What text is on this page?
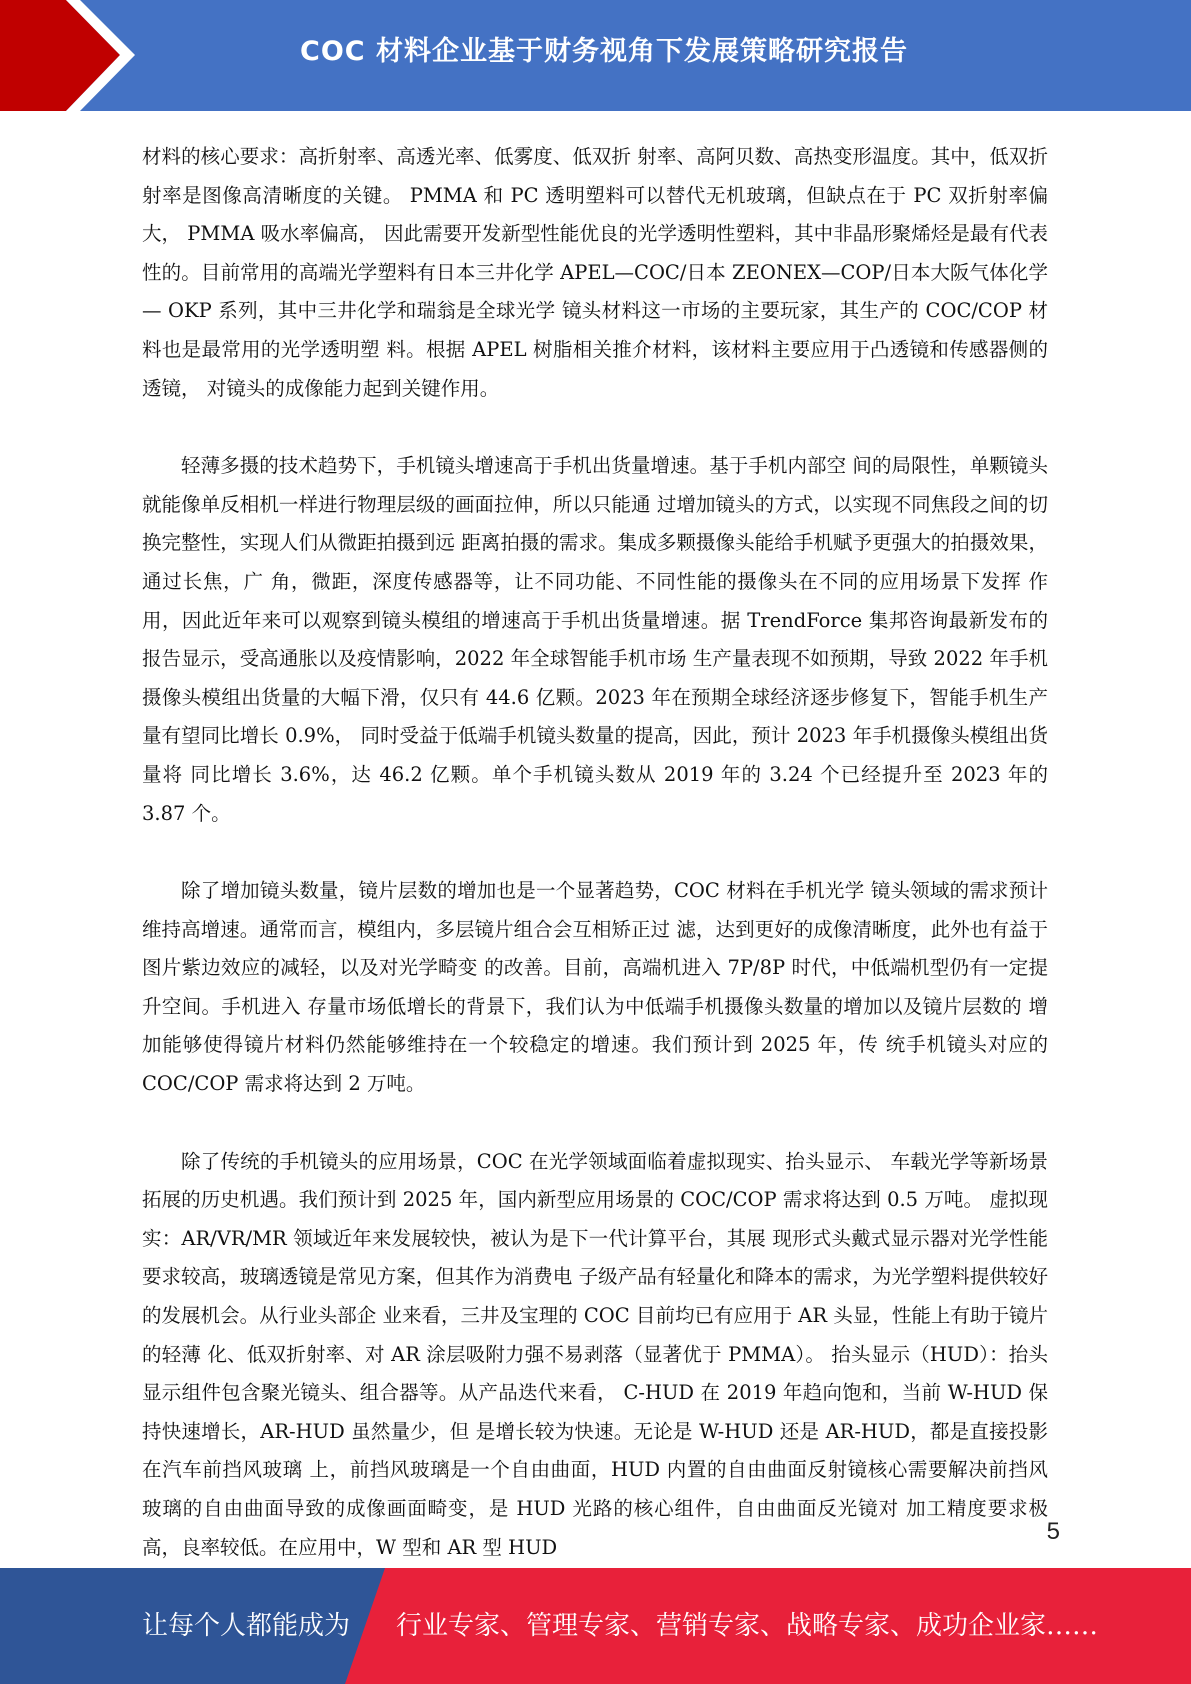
COC 材料企业基于财务视角下发展策略研究报告

材料的核心要求：高折射率、高透光率、低雾度、低双折 射率、高阿贝数、高热变形温度。其中，低双折射率是图像高清晰度的关键。 PMMA 和 PC 透明塑料可以替代无机玻璃，但缺点在于 PC 双折射率偏大， PMMA 吸水率偏高， 因此需要开发新型性能优良的光学透明性塑料，其中非晶形聚烯烃是最有代表性的。目前常用的高端光学塑料有日本三井化学 APEL—COC/日本 ZEONEX—COP/日本大阪气体化学— OKP 系列，其中三井化学和瑞翁是全球光学 镜头材料这一市场的主要玩家，其生产的 COC/COP 材料也是最常用的光学透明塑 料。根据 APEL 树脂相关推介材料，该材料主要应用于凸透镜和传感器侧的透镜， 对镜头的成像能力起到关键作用。

轻薄多摄的技术趋势下，手机镜头增速高于手机出货量增速。基于手机内部空 间的局限性，单颗镜头就能像单反相机一样进行物理层级的画面拉伸，所以只能通 过增加镜头的方式，以实现不同焦段之间的切换完整性，实现人们从微距拍摄到远 距离拍摄的需求。集成多颗摄像头能给手机赋予更强大的拍摄效果，通过长焦，广 角，微距，深度传感器等，让不同功能、不同性能的摄像头在不同的应用场景下发挥 作用，因此近年来可以观察到镜头模组的增速高于手机出货量增速。据 TrendForce 集邦咨询最新发布的报告显示，受高通胀以及疫情影响，2022 年全球智能手机市场 生产量表现不如预期，导致 2022 年手机摄像头模组出货量的大幅下滑，仅只有 44.6 亿颗。2023 年在预期全球经济逐步修复下，智能手机生产量有望同比增长 0.9%， 同时受益于低端手机镜头数量的提高，因此，预计 2023 年手机摄像头模组出货量将 同比增长 3.6%，达 46.2 亿颗。单个手机镜头数从 2019 年的 3.24 个已经提升至 2023 年的 3.87 个。

除了增加镜头数量，镜片层数的增加也是一个显著趋势，COC 材料在手机光学 镜头领域的需求预计维持高增速。通常而言，模组内，多层镜片组合会互相矫正过 滤，达到更好的成像清晰度，此外也有益于图片紫边效应的减轻，以及对光学畸变 的改善。目前，高端机进入 7P/8P 时代，中低端机型仍有一定提升空间。手机进入 存量市场低增长的背景下，我们认为中低端手机摄像头数量的增加以及镜片层数的 增加能够使得镜片材料仍然能够维持在一个较稳定的增速。我们预计到 2025 年，传 统手机镜头对应的 COC/COP 需求将达到 2 万吨。

除了传统的手机镜头的应用场景，COC 在光学领域面临着虚拟现实、抬头显示、 车载光学等新场景拓展的历史机遇。我们预计到 2025 年，国内新型应用场景的 COC/COP 需求将达到 0.5 万吨。 虚拟现实：AR/VR/MR 领域近年来发展较快，被认为是下一代计算平台，其展 现形式头戴式显示器对光学性能要求较高，玻璃透镜是常见方案，但其作为消费电 子级产品有轻量化和降本的需求，为光学塑料提供较好的发展机会。从行业头部企 业来看，三井及宝理的 COC 目前均已有应用于 AR 头显，性能上有助于镜片的轻薄 化、低双折射率、对 AR 涂层吸附力强不易剥落（显著优于 PMMA）。 抬头显示（HUD）：抬头显示组件包含聚光镜头、组合器等。从产品迭代来看， C-HUD 在 2019 年趋向饱和，当前 W-HUD 保持快速增长，AR-HUD 虽然量少，但 是增长较为快速。无论是 W-HUD 还是 AR-HUD，都是直接投影在汽车前挡风玻璃 上，前挡风玻璃是一个自由曲面，HUD 内置的自由曲面反射镜核心需要解决前挡风 玻璃的自由曲面导致的成像画面畸变，是 HUD 光路的核心组件，自由曲面反光镜对 加工精度要求极高，良率较低。在应用中，W 型和 AR 型 HUD

5
让每个人都能成为 行业专家、管理专家、营销专家、战略专家、成功企业家……
